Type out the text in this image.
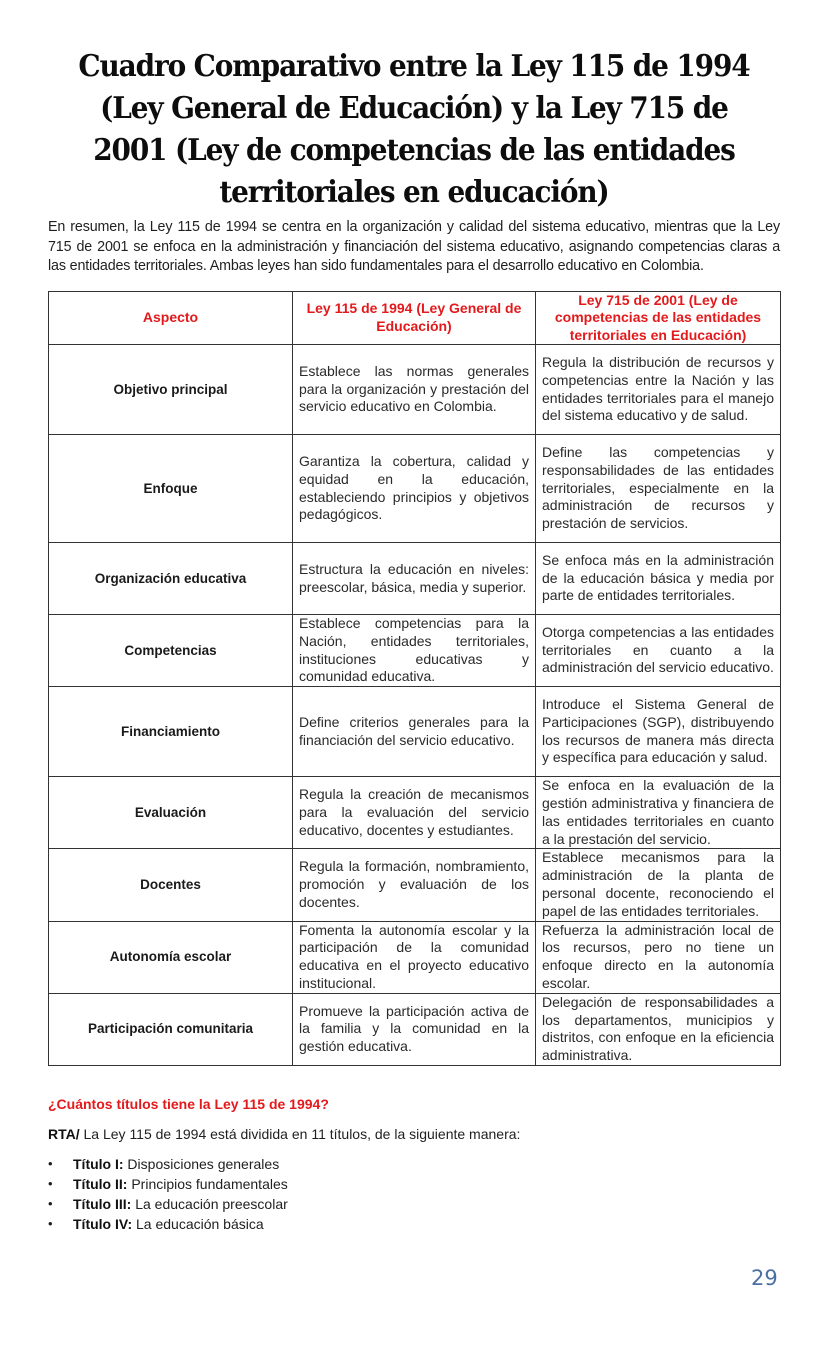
Cuadro Comparativo entre la Ley 115 de 1994 (Ley General de Educación) y la Ley 715 de 2001 (Ley de competencias de las entidades territoriales en educación)

En resumen, la Ley 115 de 1994 se centra en la organización y calidad del sistema educativo, mientras que la Ley 715 de 2001 se enfoca en la administración y financiación del sistema educativo, asignando competencias claras a las entidades territoriales. Ambas leyes han sido fundamentales para el desarrollo educativo en Colombia.

Aspecto	Ley 115 de 1994 (Ley General de Educación)	Ley 715 de 2001 (Ley de competencias de las entidades territoriales en Educación)
Objetivo principal	Establece las normas generales para la organización y prestación del servicio educativo en Colombia.	Regula la distribución de recursos y competencias entre la Nación y las entidades territoriales para el manejo del sistema educativo y de salud.
Enfoque	Garantiza la cobertura, calidad y equidad en la educación, estableciendo principios y objetivos pedagógicos.	Define las competencias y responsabilidades de las entidades territoriales, especialmente en la administración de recursos y prestación de servicios.
Organización educativa	Estructura la educación en niveles: preescolar, básica, media y superior.	Se enfoca más en la administración de la educación básica y media por parte de entidades territoriales.
Competencias	Establece competencias para la Nación, entidades territoriales, instituciones educativas y comunidad educativa.	Otorga competencias a las entidades territoriales en cuanto a la administración del servicio educativo.
Financiamiento	Define criterios generales para la financiación del servicio educativo.	Introduce el Sistema General de Participaciones (SGP), distribuyendo los recursos de manera más directa y específica para educación y salud.
Evaluación	Regula la creación de mecanismos para la evaluación del servicio educativo, docentes y estudiantes.	Se enfoca en la evaluación de la gestión administrativa y financiera de las entidades territoriales en cuanto a la prestación del servicio.
Docentes	Regula la formación, nombramiento, promoción y evaluación de los docentes.	Establece mecanismos para la administración de la planta de personal docente, reconociendo el papel de las entidades territoriales.
Autonomía escolar	Fomenta la autonomía escolar y la participación de la comunidad educativa en el proyecto educativo institucional.	Refuerza la administración local de los recursos, pero no tiene un enfoque directo en la autonomía escolar.
Participación comunitaria	Promueve la participación activa de la familia y la comunidad en la gestión educativa.	Delegación de responsabilidades a los departamentos, municipios y distritos, con enfoque en la eficiencia administrativa.

¿Cuántos títulos tiene la Ley 115 de 1994?

RTA/ La Ley 115 de 1994 está dividida en 11 títulos, de la siguiente manera:

• Título I: Disposiciones generales
• Título II: Principios fundamentales
• Título III: La educación preescolar
• Título IV: La educación básica
29
